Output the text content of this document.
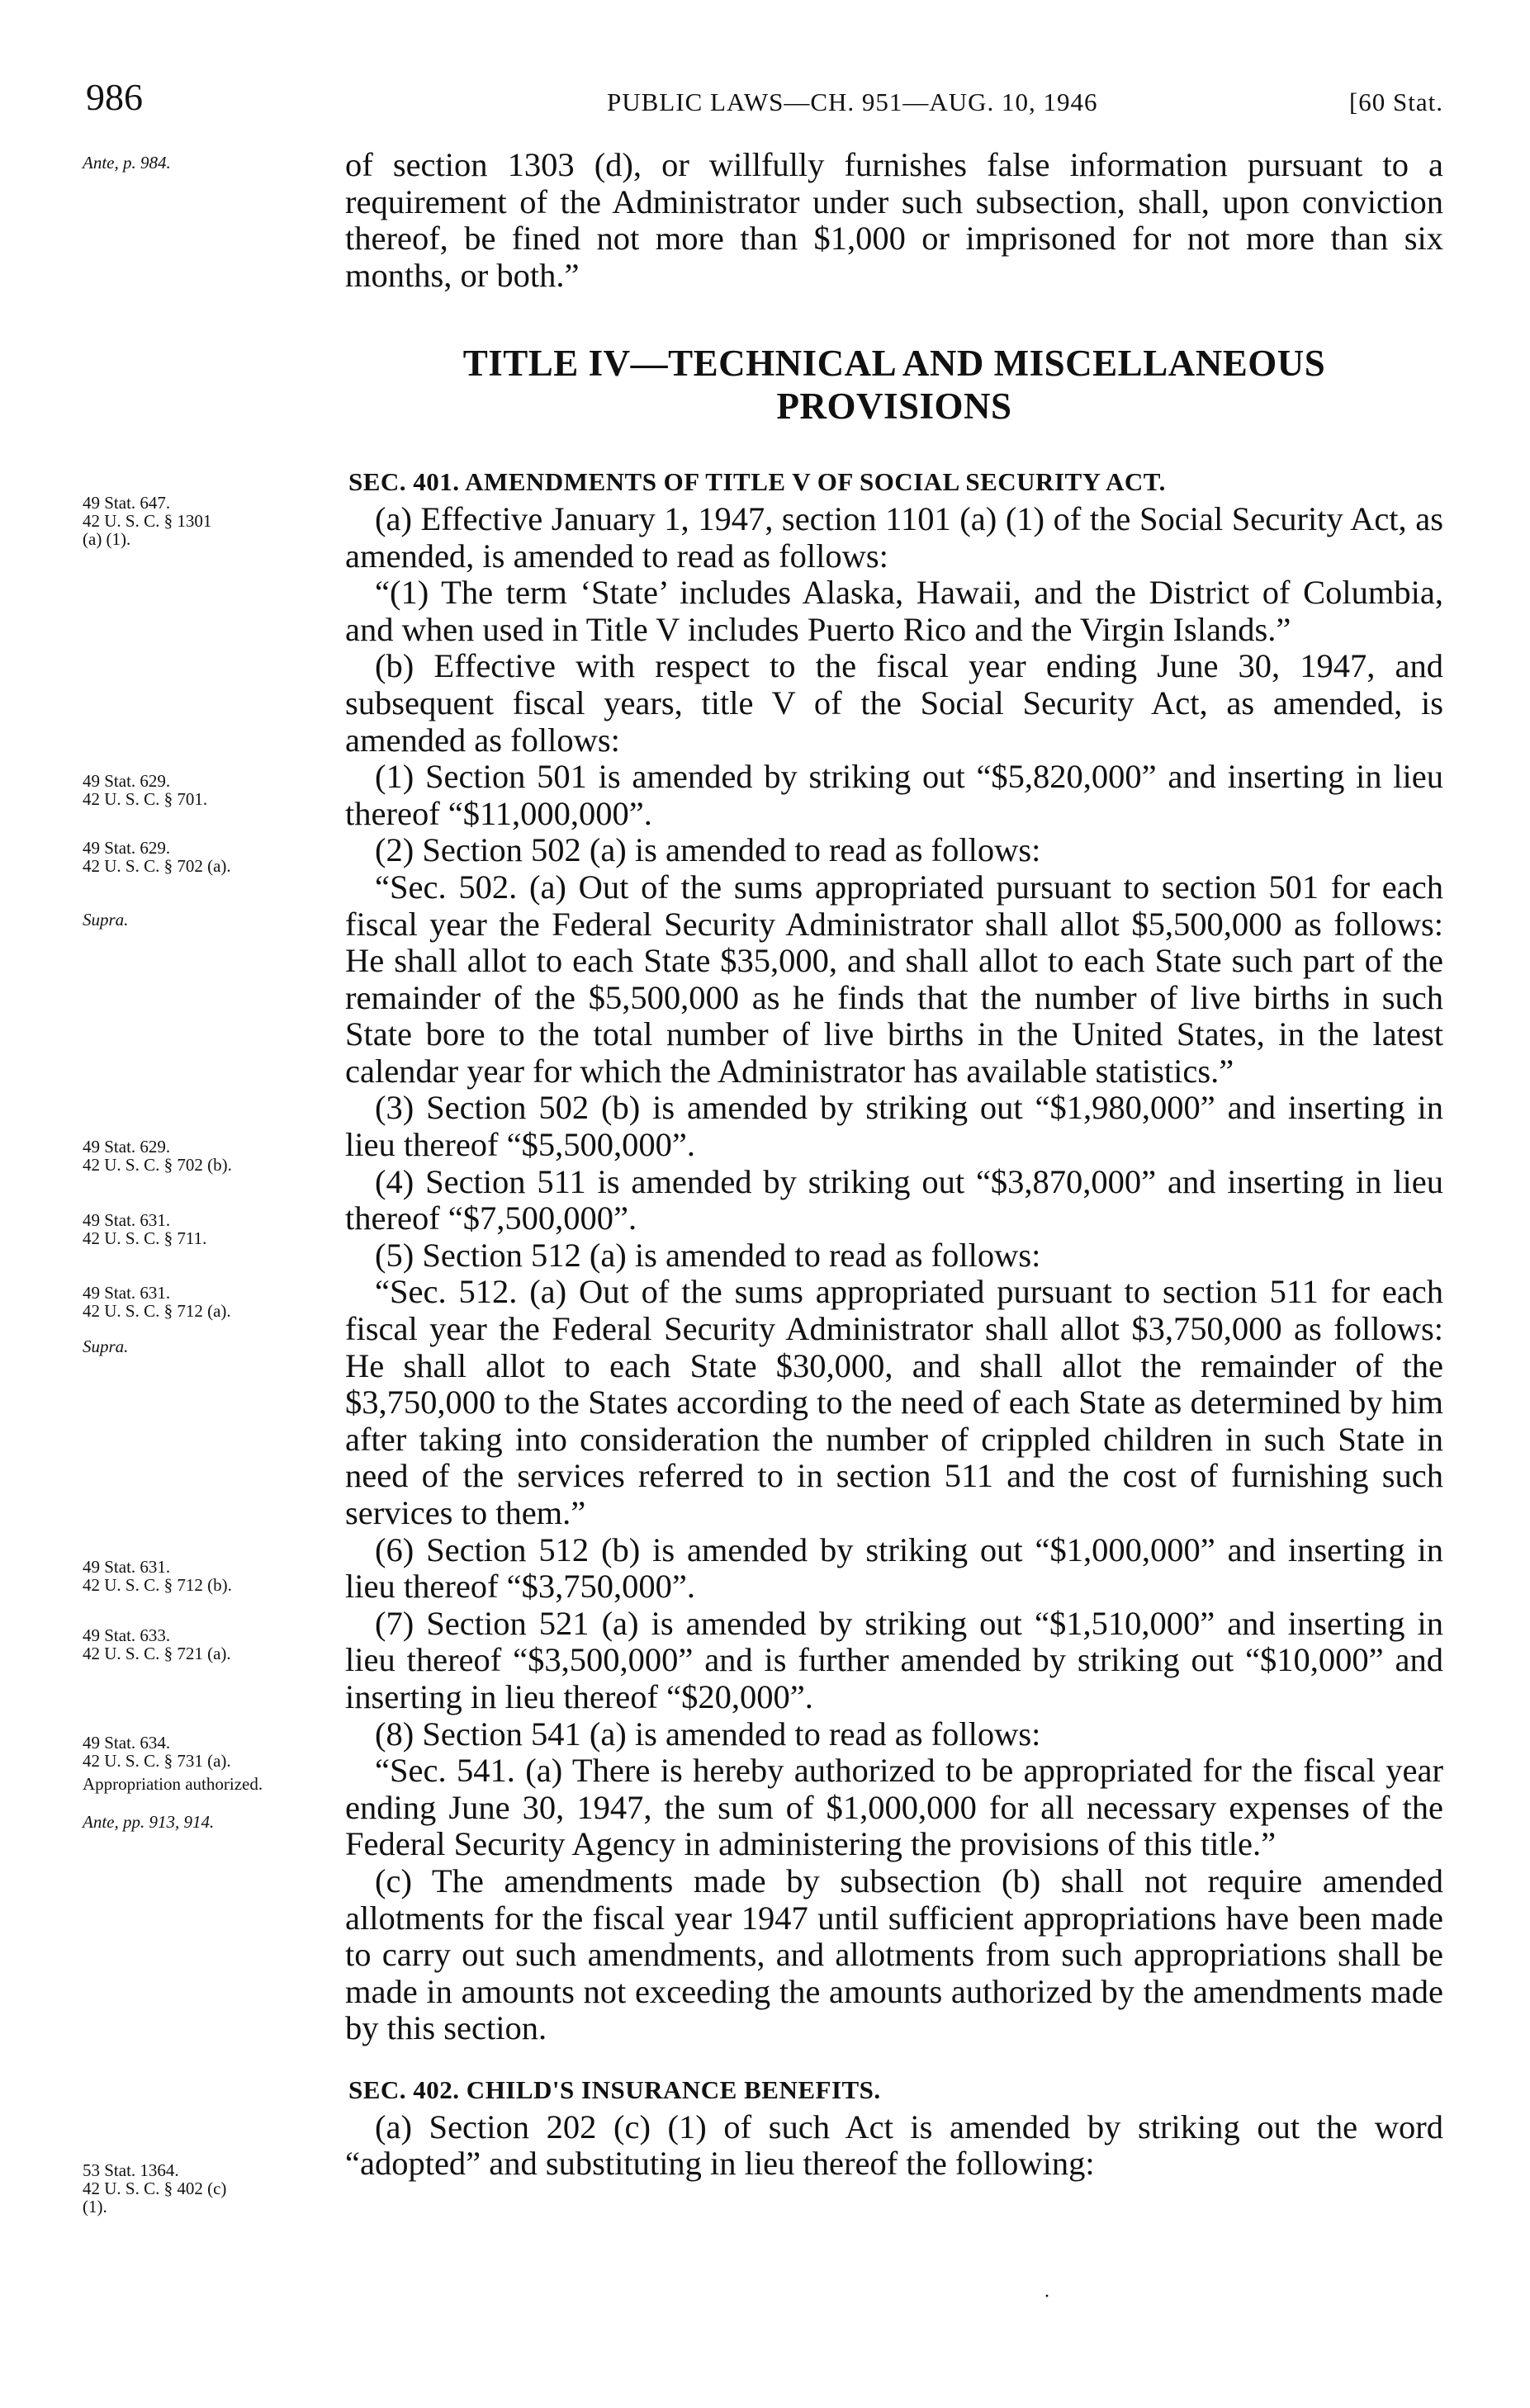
986	PUBLIC LAWS—CH. 951—AUG. 10, 1946	[60 Stat.
Ante, p. 984.
49 Stat. 647.
42 U. S. C. § 1301
(a) (1).
49 Stat. 629.
42 U. S. C. § 701.
49 Stat. 629.
42 U. S. C. § 702 (a).
Supra.
49 Stat. 629.
42 U. S. C. § 702 (b).
49 Stat. 631.
42 U. S. C. § 711.
49 Stat. 631.
42 U. S. C. § 712 (a).
Supra.
49 Stat. 631.
42 U. S. C. § 712 (b).
49 Stat. 633.
42 U. S. C. § 721 (a).
49 Stat. 634.
42 U. S. C. § 731 (a).
Appropriation authorized.
Ante, pp. 913, 914.
53 Stat. 1364.
42 U. S. C. § 402 (c)
(1).

of section 1303 (d), or willfully furnishes false information pursuant to a requirement of the Administrator under such subsection, shall, upon conviction thereof, be fined not more than $1,000 or imprisoned for not more than six months, or both.”

TITLE IV—TECHNICAL AND MISCELLANEOUS PROVISIONS

SEC. 401. AMENDMENTS OF TITLE V OF SOCIAL SECURITY ACT.

(a) Effective January 1, 1947, section 1101 (a) (1) of the Social Security Act, as amended, is amended to read as follows:

“(1) The term ‘State’ includes Alaska, Hawaii, and the District of Columbia, and when used in Title V includes Puerto Rico and the Virgin Islands.”

(b) Effective with respect to the fiscal year ending June 30, 1947, and subsequent fiscal years, title V of the Social Security Act, as amended, is amended as follows:

(1) Section 501 is amended by striking out “$5,820,000” and inserting in lieu thereof “$11,000,000”.

(2) Section 502 (a) is amended to read as follows:

“Sec. 502. (a) Out of the sums appropriated pursuant to section 501 for each fiscal year the Federal Security Administrator shall allot $5,500,000 as follows: He shall allot to each State $35,000, and shall allot to each State such part of the remainder of the $5,500,000 as he finds that the number of live births in such State bore to the total number of live births in the United States, in the latest calendar year for which the Administrator has available statistics.”

(3) Section 502 (b) is amended by striking out “$1,980,000” and inserting in lieu thereof “$5,500,000”.

(4) Section 511 is amended by striking out “$3,870,000” and inserting in lieu thereof “$7,500,000”.

(5) Section 512 (a) is amended to read as follows:

“Sec. 512. (a) Out of the sums appropriated pursuant to section 511 for each fiscal year the Federal Security Administrator shall allot $3,750,000 as follows: He shall allot to each State $30,000, and shall allot the remainder of the $3,750,000 to the States according to the need of each State as determined by him after taking into consideration the number of crippled children in such State in need of the services referred to in section 511 and the cost of furnishing such services to them.”

(6) Section 512 (b) is amended by striking out “$1,000,000” and inserting in lieu thereof “$3,750,000”.

(7) Section 521 (a) is amended by striking out “$1,510,000” and inserting in lieu thereof “$3,500,000” and is further amended by striking out “$10,000” and inserting in lieu thereof “$20,000”.

(8) Section 541 (a) is amended to read as follows:

“Sec. 541. (a) There is hereby authorized to be appropriated for the fiscal year ending June 30, 1947, the sum of $1,000,000 for all necessary expenses of the Federal Security Agency in administering the provisions of this title.”

(c) The amendments made by subsection (b) shall not require amended allotments for the fiscal year 1947 until sufficient appropriations have been made to carry out such amendments, and allotments from such appropriations shall be made in amounts not exceeding the amounts authorized by the amendments made by this section.

SEC. 402. CHILD'S INSURANCE BENEFITS.

(a) Section 202 (c) (1) of such Act is amended by striking out the word “adopted” and substituting in lieu thereof the following:

·
